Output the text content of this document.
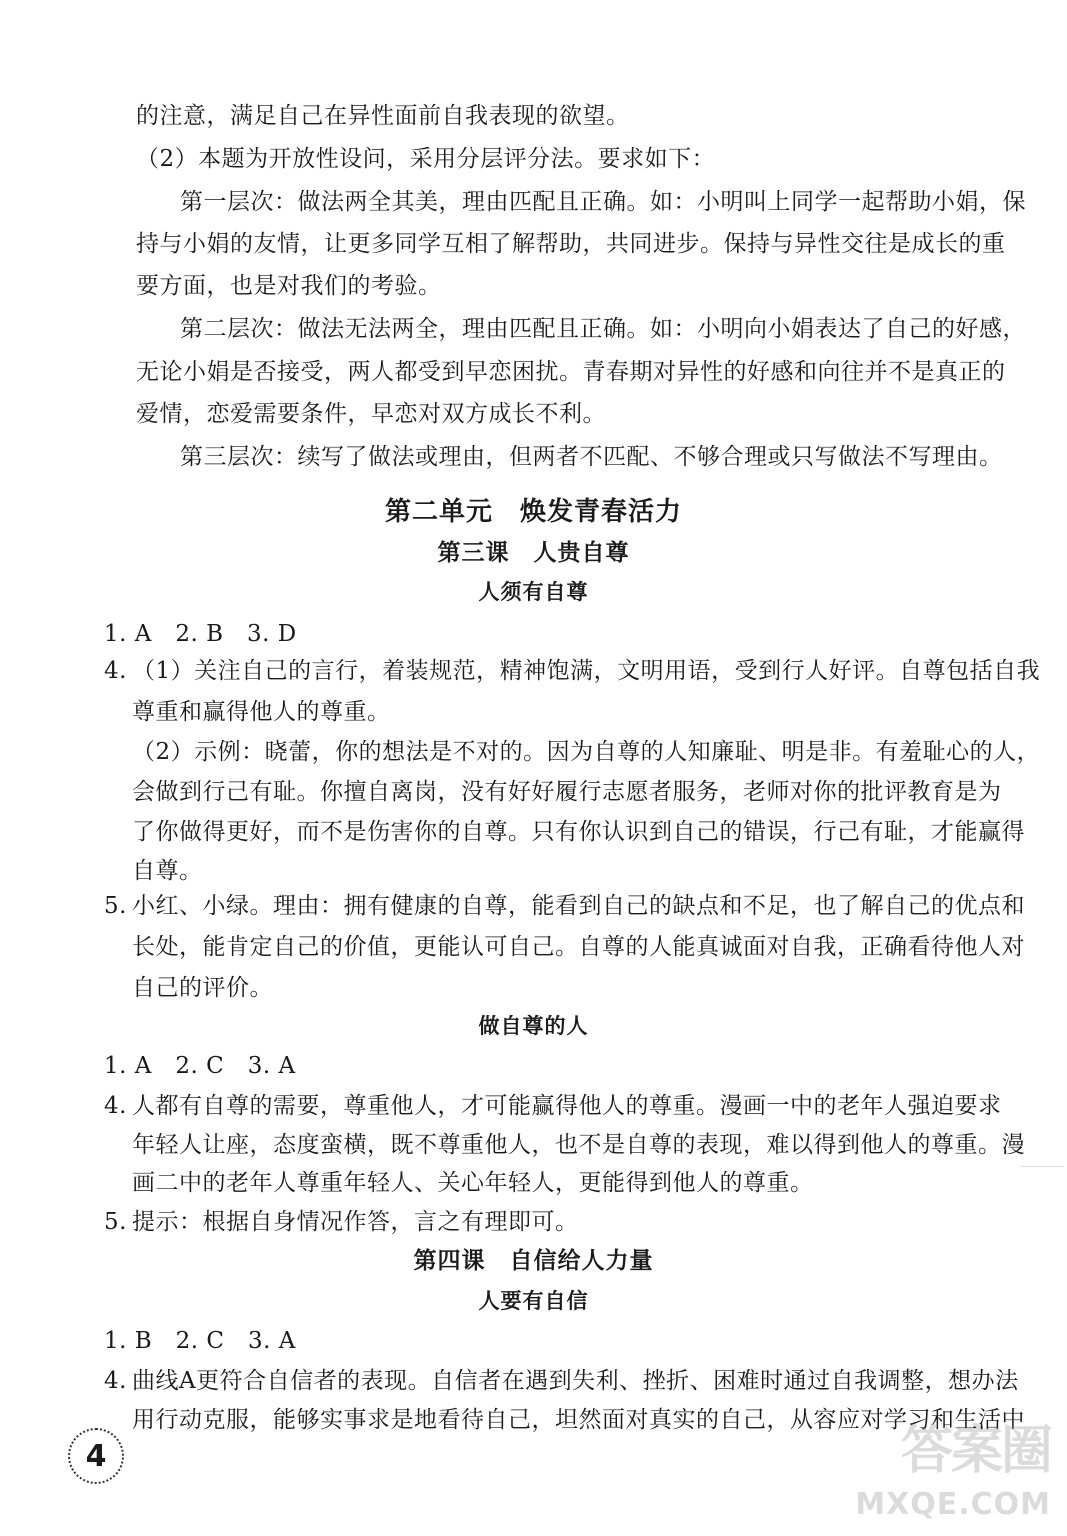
的注意，满足自己在异性面前自我表现的欲望。
（2）本题为开放性设问，采用分层评分法。要求如下：
第一层次：做法两全其美，理由匹配且正确。如：小明叫上同学一起帮助小娟，保
持与小娟的友情，让更多同学互相了解帮助，共同进步。保持与异性交往是成长的重
要方面，也是对我们的考验。
第二层次：做法无法两全，理由匹配且正确。如：小明向小娟表达了自己的好感，
无论小娟是否接受，两人都受到早恋困扰。青春期对异性的好感和向往并不是真正的
爱情，恋爱需要条件，早恋对双方成长不利。
第三层次：续写了做法或理由，但两者不匹配、不够合理或只写做法不写理由。
第二单元　焕发青春活力
第三课　人贵自尊
人须有自尊
1. A　2. B　3. D
4. （1）关注自己的言行，着装规范，精神饱满，文明用语，受到行人好评。自尊包括自我
尊重和赢得他人的尊重。
（2）示例：晓蕾，你的想法是不对的。因为自尊的人知廉耻、明是非。有羞耻心的人，
会做到行己有耻。你擅自离岗，没有好好履行志愿者服务，老师对你的批评教育是为
了你做得更好，而不是伤害你的自尊。只有你认识到自己的错误，行己有耻，才能赢得
自尊。
5. 小红、小绿。理由：拥有健康的自尊，能看到自己的缺点和不足，也了解自己的优点和
长处，能肯定自己的价值，更能认可自己。自尊的人能真诚面对自我，正确看待他人对
自己的评价。
做自尊的人
1. A　2. C　3. A
4. 人都有自尊的需要，尊重他人，才可能赢得他人的尊重。漫画一中的老年人强迫要求
年轻人让座，态度蛮横，既不尊重他人，也不是自尊的表现，难以得到他人的尊重。漫
画二中的老年人尊重年轻人、关心年轻人，更能得到他人的尊重。
5. 提示：根据自身情况作答，言之有理即可。
第四课　自信给人力量
人要有自信
1. B　2. C　3. A
4. 曲线A更符合自信者的表现。自信者在遇到失利、挫折、困难时通过自我调整，想办法
用行动克服，能够实事求是地看待自己，坦然面对真实的自己，从容应对学习和生活中
4	答案圈
MXQE.COM
